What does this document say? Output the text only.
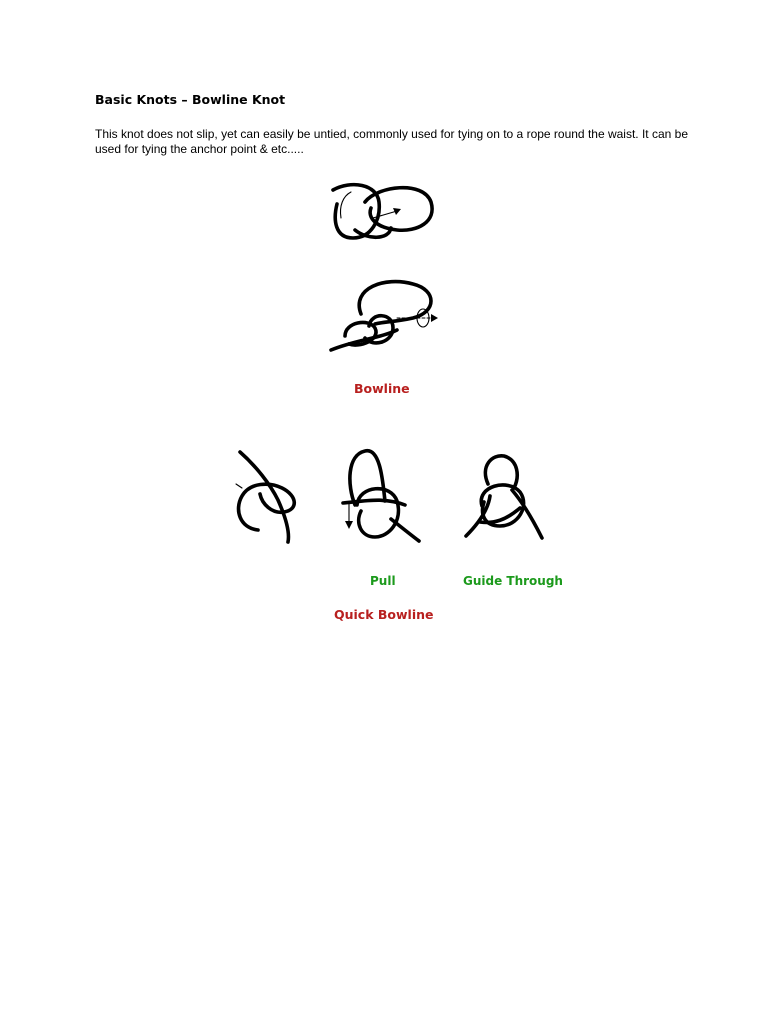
Basic Knots – Bowline Knot

This knot does not slip, yet can easily be untied, commonly used for tying on to a rope round the waist. It can be used for tying the anchor point & etc.....

Bowline
Pull	Guide Through
Quick Bowline
